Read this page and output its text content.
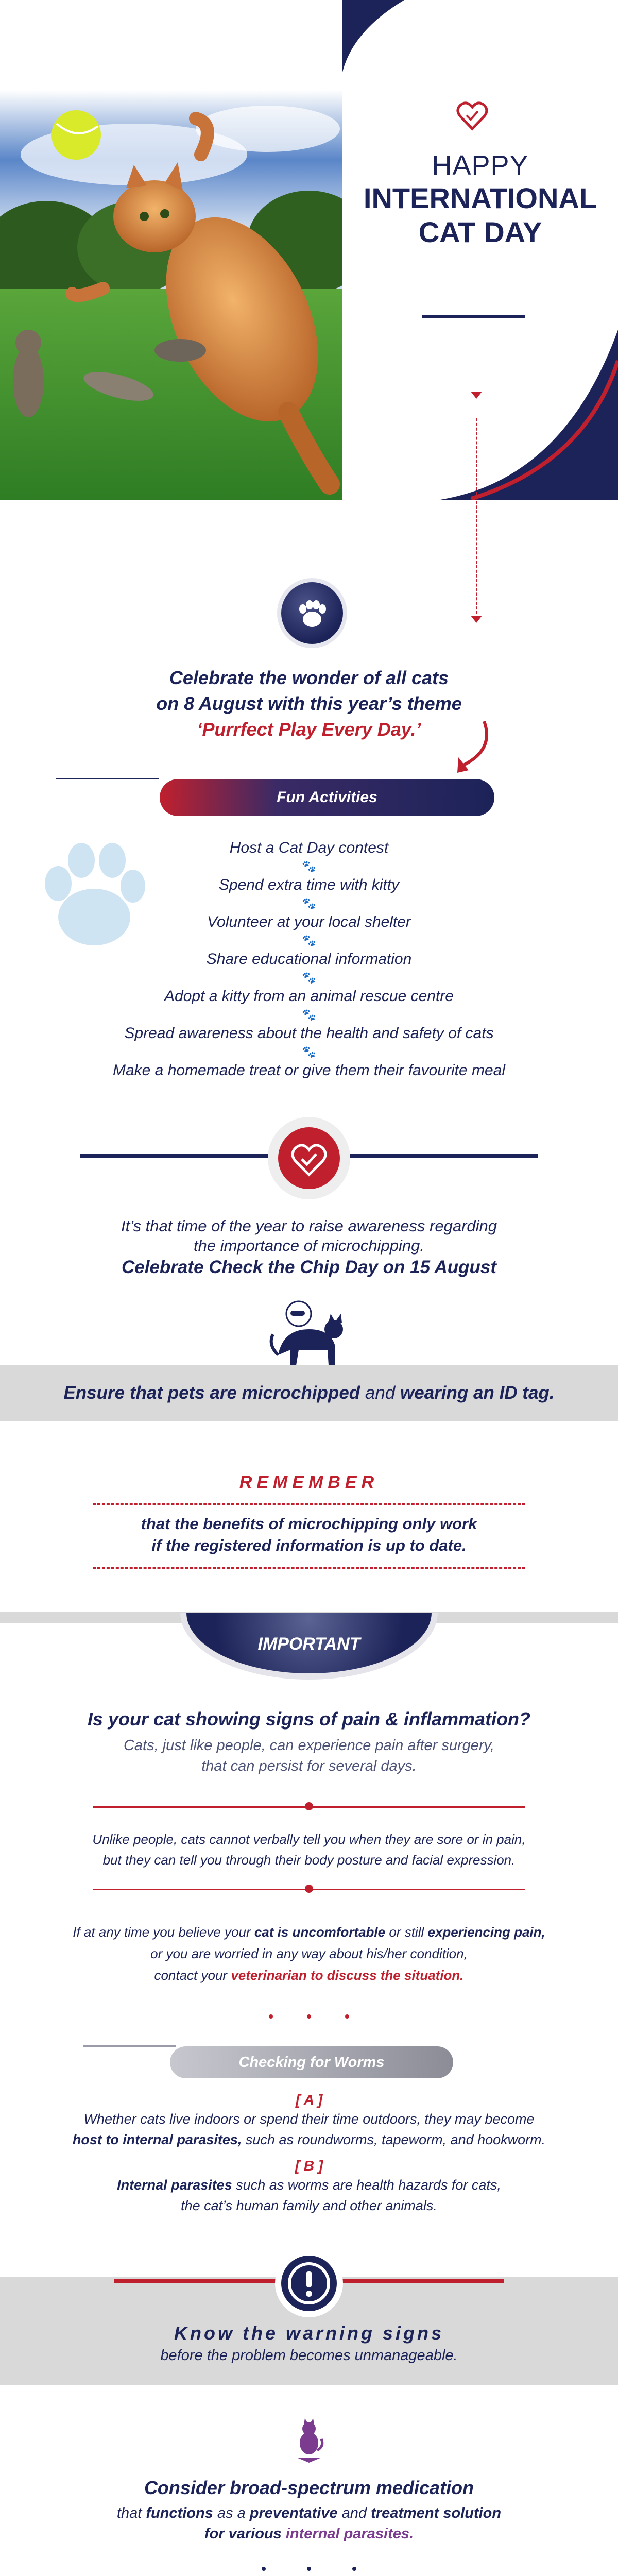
HAPPY
INTERNATIONAL
CAT DAY
Celebrate the wonder of all cats
on 8 August with this year’s theme
‘Purrfect Play Every Day.’
Fun Activities
Host a Cat Day contest
🐾
Spend extra time with kitty
🐾
Volunteer at your local shelter
🐾
Share educational information
🐾
Adopt a kitty from an animal rescue centre
🐾
Spread awareness about the health and safety of cats
🐾
Make a homemade treat or give them their favourite meal
It’s that time of the year to raise awareness regarding
the importance of microchipping.
Celebrate Check the Chip Day on 15 August
Ensure that pets are microchipped and wearing an ID tag.
REMEMBER
that the benefits of microchipping only work
if the registered information is up to date.
IMPORTANT
Is your cat showing signs of pain & inflammation?
Cats, just like people, can experience pain after surgery,
that can persist for several days.
Unlike people, cats cannot verbally tell you when they are sore or in pain,
but they can tell you through their body posture and facial expression.
If at any time you believe your cat is uncomfortable or still experiencing pain,
or you are worried in any way about his/her condition,
contact your veterinarian to discuss the situation.
Checking for Worms
[ A ]
Whether cats live indoors or spend their time outdoors, they may become
host to internal parasites, such as roundworms, tapeworm, and hookworm.
[ B ]
Internal parasites such as worms are health hazards for cats,
the cat’s human family and other animals.
Know the warning signs
before the problem becomes unmanageable.
Consider broad-spectrum medication
that functions as a preventative and treatment solution
for various internal parasites.
